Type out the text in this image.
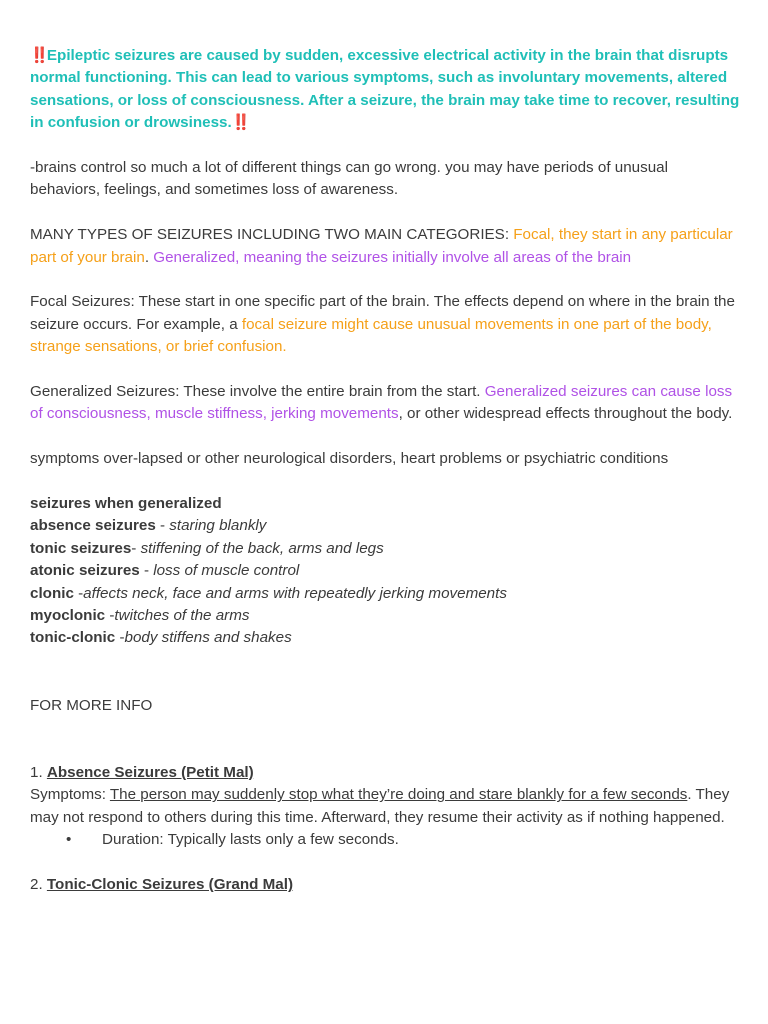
‼️Epileptic seizures are caused by sudden, excessive electrical activity in the brain that disrupts normal functioning. This can lead to various symptoms, such as involuntary movements, altered sensations, or loss of consciousness. After a seizure, the brain may take time to recover, resulting in confusion or drowsiness.‼️

-brains control so much a lot of different things can go wrong. you may have periods of unusual behaviors, feelings, and sometimes loss of awareness.

MANY TYPES OF SEIZURES INCLUDING TWO MAIN CATEGORIES: Focal, they start in any particular part of your brain. Generalized, meaning the seizures initially involve all areas of the brain

Focal Seizures: These start in one specific part of the brain. The effects depend on where in the brain the seizure occurs. For example, a focal seizure might cause unusual movements in one part of the body, strange sensations, or brief confusion.

Generalized Seizures: These involve the entire brain from the start. Generalized seizures can cause loss of consciousness, muscle stiffness, jerking movements, or other widespread effects throughout the body.

symptoms over-lapsed or other neurological disorders, heart problems or psychiatric conditions

seizures when generalized

absence seizures - staring blankly

tonic seizures- stiffening of the back, arms and legs

atonic seizures - loss of muscle control

clonic -affects neck, face and arms with repeatedly jerking movements

myoclonic -twitches of the arms

tonic-clonic -body stiffens and shakes

FOR MORE INFO

1. Absence Seizures (Petit Mal)

Symptoms: The person may suddenly stop what they’re doing and stare blankly for a few seconds. They may not respond to others during this time. Afterward, they resume their activity as if nothing happened.

• Duration: Typically lasts only a few seconds.

2. Tonic-Clonic Seizures (Grand Mal)
